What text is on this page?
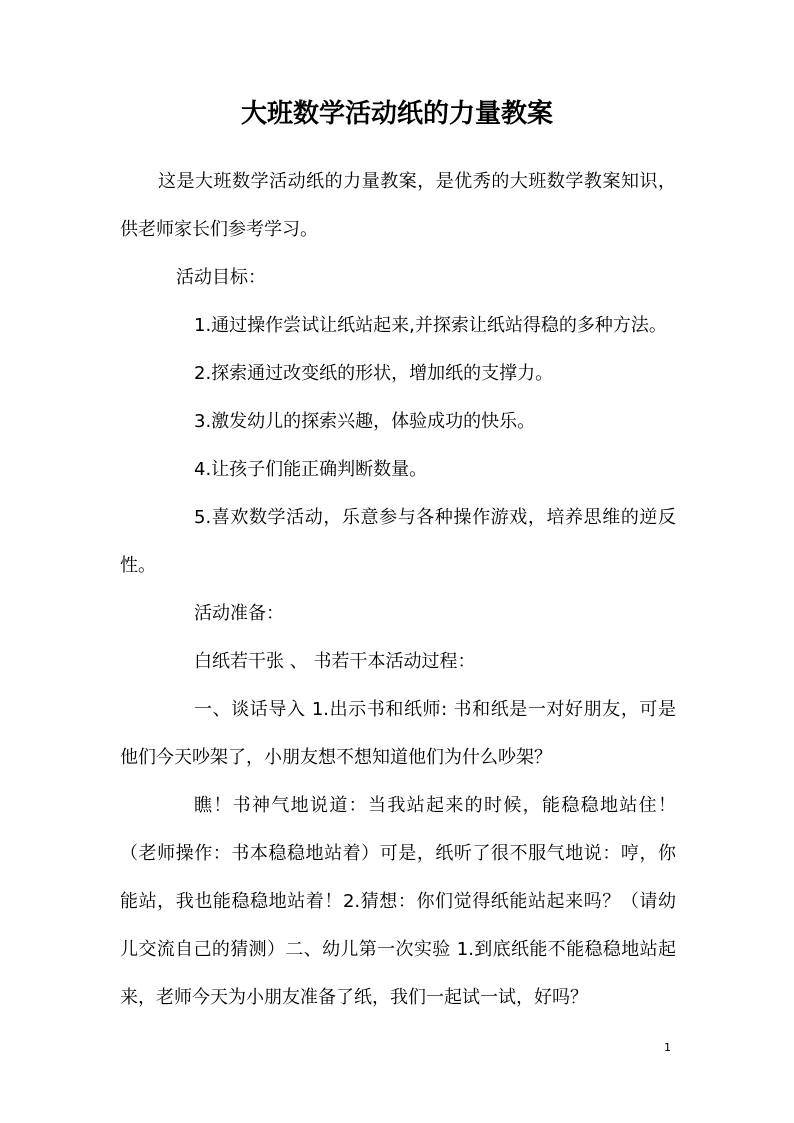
大班数学活动纸的力量教案
这是大班数学活动纸的力量教案，是优秀的大班数学教案知识，
供老师家长们参考学习。
活动目标：
1.通过操作尝试让纸站起来,并探索让纸站得稳的多种方法。
2.探索通过改变纸的形状，增加纸的支撑力。
3.激发幼儿的探索兴趣，体验成功的快乐。
4.让孩子们能正确判断数量。
5.喜欢数学活动，乐意参与各种操作游戏，培养思维的逆反
性。
活动准备：
白纸若干张 、 书若干本活动过程：
一、谈话导入 1.出示书和纸师: 书和纸是一对好朋友，可是
他们今天吵架了，小朋友想不想知道他们为什么吵架？
瞧！书神气地说道：当我站起来的时候，能稳稳地站住！
（老师操作：书本稳稳地站着）可是，纸听了很不服气地说：哼，你
能站，我也能稳稳地站着！2.猜想：你们觉得纸能站起来吗？（请幼
儿交流自己的猜测）二、幼儿第一次实验 1.到底纸能不能稳稳地站起
来，老师今天为小朋友准备了纸，我们一起试一试，好吗？
1
